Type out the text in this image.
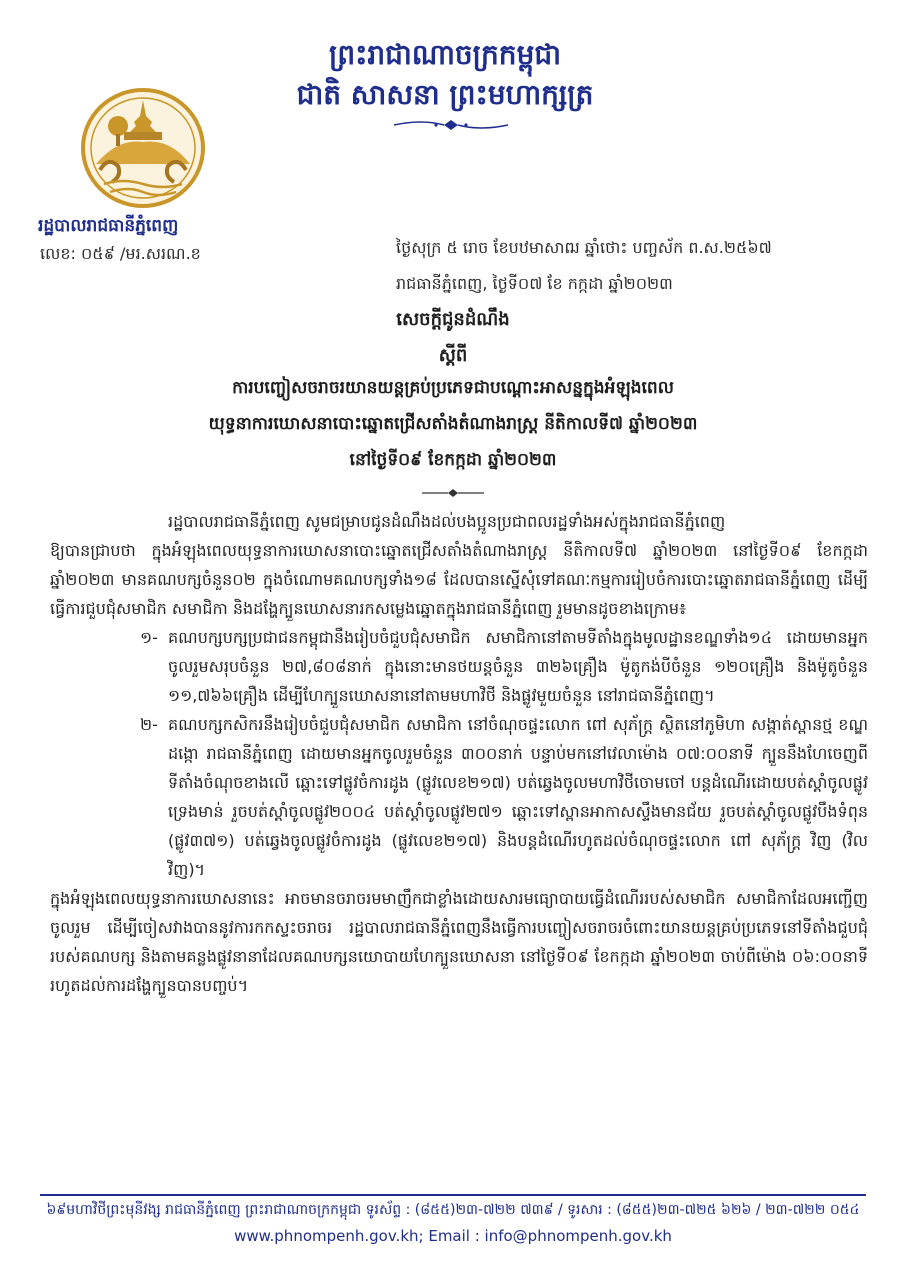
ព្រះរាជាណាចក្រកម្ពុជា
ជាតិ សាសនា ព្រះមហាក្សត្រ
រដ្ឋបាលរាជធានីភ្នំពេញ
លេខ: ០៥៩ /មរ.សរណ.ខ	ថ្ងៃសុក្រ ៥ រោច ខែបឋមាសាឍ ឆ្នាំថោះ បញ្ចស័ក ព.ស.២៥៦៧
រាជធានីភ្នំពេញ, ថ្ងៃទី០៧ ខែ កក្កដា ឆ្នាំ២០២៣
សេចក្តីជូនដំណឹង
ស្តីពី
ការបញ្ចៀសចរាចរយានយន្តគ្រប់ប្រភេទជាបណ្តោះអាសន្នក្នុងអំឡុងពេល
យុទ្ធនាការឃោសនាបោះឆ្នោតជ្រើសតាំងតំណាងរាស្ត្រ នីតិកាលទី៧ ឆ្នាំ២០២៣
នៅថ្ងៃទី០៩ ខែកក្កដា ឆ្នាំ២០២៣

រដ្ឋបាលរាជធានីភ្នំពេញ សូមជម្រាបជូនដំណឹងដល់បងប្អូនប្រជាពលរដ្ឋទាំងអស់ក្នុងរាជធានីភ្នំពេញ

ឱ្យបានជ្រាបថា ក្នុងអំឡុងពេលយុទ្ធនាការឃោសនាបោះឆ្នោតជ្រើសតាំងតំណាងរាស្ត្រ នីតិកាលទី៧ ឆ្នាំ២០២៣ នៅថ្ងៃទី០៩ ខែកក្កដា ឆ្នាំ២០២៣ មានគណបក្សចំនួន០២ ក្នុងចំណោមគណបក្សទាំង១៨ ដែលបានស្នើសុំទៅគណៈកម្មការរៀបចំការបោះឆ្នោតរាជធានីភ្នំពេញ ដើម្បីធ្វើការជួបជុំសមាជិក សមាជិកា និងដង្ហែក្បួនឃោសនារកសម្លេងឆ្នោតក្នុងរាជធានីភ្នំពេញ រួមមានដូចខាងក្រោម៖

១- គណបក្សបក្សប្រជាជនកម្ពុជានឹងរៀបចំជួបជុំសមាជិក សមាជិកានៅតាមទីតាំងក្នុងមូលដ្ឋានខណ្ឌទាំង១៤ ដោយមានអ្នកចូលរួមសរុបចំនួន ២៧,៨០៨នាក់ ក្នុងនោះមានថយន្តចំនួន ៣២៦គ្រឿង ម៉ូតូកង់បីចំនួន ១២០គ្រឿង និងម៉ូតូចំនួន ១១,៧៦៦គ្រឿង ដើម្បីហែក្បួនឃោសនានៅតាមមហាវិថី និងផ្លូវមួយចំនួន នៅរាជធានីភ្នំពេញ។

២- គណបក្សកសិករនឹងរៀបចំជួបជុំសមាជិក សមាជិកា នៅចំណុចផ្ទះលោក ពៅ សុភ័ក្រ្ត ស្ថិតនៅភូមិហា សង្កាត់ស្ពានថ្ម ខណ្ឌដង្កោ រាជធានីភ្នំពេញ ដោយមានអ្នកចូលរួមចំនួន ៣០០នាក់ បន្ទាប់មកនៅវេលាម៉ោង ០៧:០០នាទី ក្បួននឹងហែចេញពីទីតាំងចំណុចខាងលើ ឆ្ពោះទៅផ្លូវចំការដូង (ផ្លូវលេខ២១៧) បត់ឆ្វេងចូលមហាវិថីចោមចៅ បន្តដំណើរដោយបត់ស្តាំចូលផ្លូវទ្រេងមាន់ រួចបត់ស្តាំចូលផ្លូវ២០០៤ បត់ស្តាំចូលផ្លូវ២៧១ ឆ្ពោះទៅស្ពានអាកាសស្ទឹងមានជ័យ រួចបត់ស្តាំចូលផ្លូវបឹងទំពុន (ផ្លូវ៣៧១) បត់ឆ្វេងចូលផ្លូវចំការដូង (ផ្លូវលេខ២១៧) និងបន្តដំណើរហូតដល់ចំណុចផ្ទះលោក ពៅ សុភ័ក្រ្ត វិញ (វិលវិញ)។

ក្នុងអំឡុងពេលយុទ្ធនាការឃោសនានេះ អាចមានចរាចរមមាញឹកជាខ្លាំងដោយសារមធ្យោបាយធ្វើដំណើររបស់សមាជិក សមាជិកាដែលអញ្ជើញចូលរួម ដើម្បីចៀសវាងបាននូវការកកស្ទះចរាចរ រដ្ឋបាលរាជធានីភ្នំពេញនឹងធ្វើការបញ្ចៀសចរាចរចំពោះយានយន្តគ្រប់ប្រភេទនៅទីតាំងជួបជុំរបស់គណបក្ស និងតាមគន្លងផ្លូវនានាដែលគណបក្សនយោបាយហែក្បួនឃោសនា នៅថ្ងៃទី០៩ ខែកក្កដា ឆ្នាំ២០២៣ ចាប់ពីម៉ោង ០៦:០០នាទី រហូតដល់ការដង្ហែក្បួនបានបញ្ចប់។

៦៩មហាវិថីព្រះមុនីវង្ស រាជធានីភ្នំពេញ ព្រះរាជាណាចក្រកម្ពុជា ទូរស័ព្ទ : (៨៥៥)២៣-៧២២ ៧៣៩ / ទូរសារ : (៨៥៥)២៣-៧២៥ ៦២៦ / ២៣-៧២២ ០៥៤
www.phnompenh.gov.kh; Email : info@phnompenh.gov.kh
